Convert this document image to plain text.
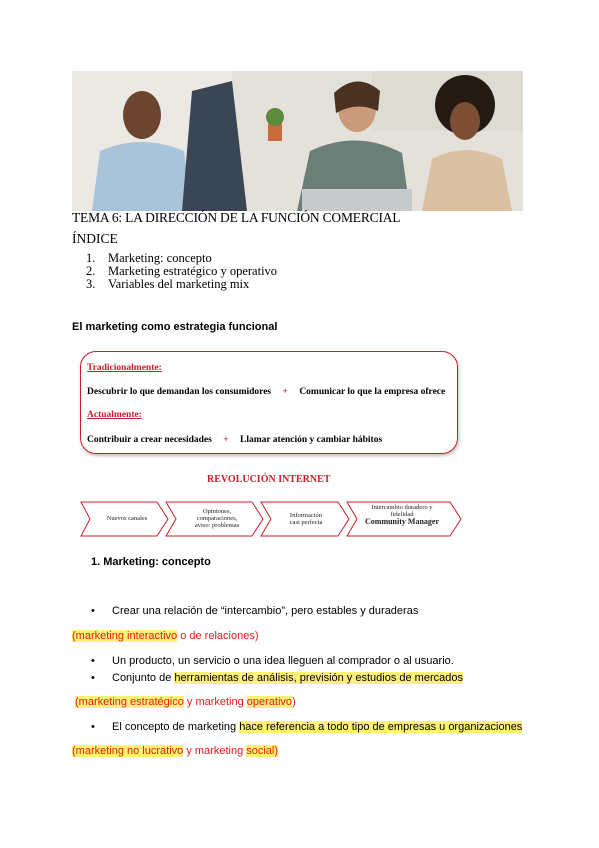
TEMA 6: LA DIRECCIÓN DE LA FUNCIÓN COMERCIAL
ÍNDICE
1. Marketing: concepto
2. Marketing estratégico y operativo
3. Variables del marketing mix
El marketing como estrategia funcional
Tradicionalmente:
Descubrir lo que demandan los consumidores + Comunicar lo que la empresa ofrece
Actualmente:
Contribuir a crear necesidades + Llamar atención y cambiar hábitos
REVOLUCIÓN INTERNET
Nuevos canales
Opiniones,
comparaciones,
aviso: problemas
Información
casi perfecta
Intercambio duradero y
fidelidad
Community Manager
1. Marketing: concepto
• Crear una relación de “intercambio”, pero estables y duraderas
(marketing interactivo o de relaciones)
• Un producto, un servicio o una idea lleguen al comprador o al usuario.
• Conjunto de herramientas de análisis, previsión y estudios de mercados
(marketing estratégico y marketing operativo)
• El concepto de marketing hace referencia a todo tipo de empresas u organizaciones
(marketing no lucrativo y marketing social)
